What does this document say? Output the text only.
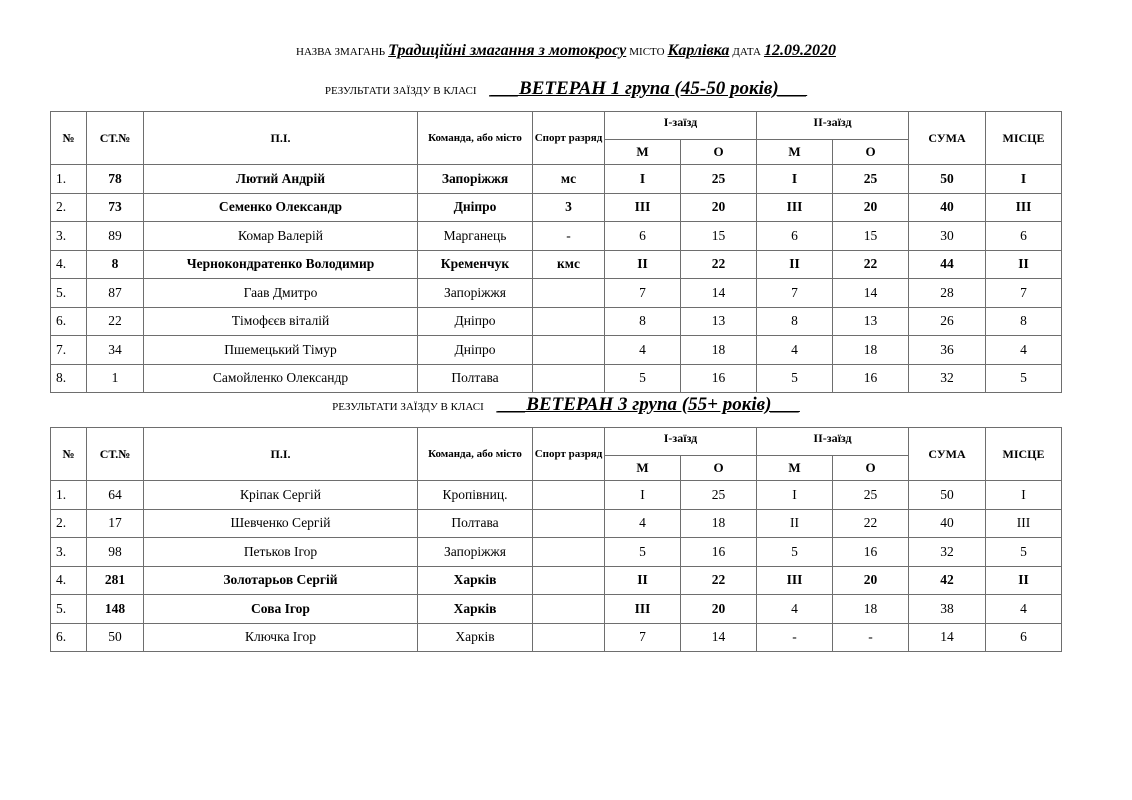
НАЗВА ЗМАГАНЬ Традиційні змагання з мотокросу МІСТО Карлівка ДАТА 12.09.2020
РЕЗУЛЬТАТИ ЗАЇЗДУ В КЛАСІ ___ВЕТЕРАН 1 група (45-50 років)___
№	СТ.№	П.І.	Команда, або місто	Спорт разряд	І-заїзд		ІІ-заїзд		СУМА	МІСЦЕ
					М	О	М	О		
1.	78	Лютий Андрій	Запоріжжя	мс	I	25	I	25	50	I
2.	73	Семенко Олександр	Дніпро	3	III	20	III	20	40	III
3.	89	Комар Валерій	Марганець	-	6	15	6	15	30	6
4.	8	Чернокондратенко Володимир	Кременчук	кмс	II	22	II	22	44	II
5.	87	Гаав Дмитро	Запоріжжя		7	14	7	14	28	7
6.	22	Тімофєєв віталій	Дніпро		8	13	8	13	26	8
7.	34	Пшемецький Тімур	Дніпро		4	18	4	18	36	4
8.	1	Самойленко Олександр	Полтава		5	16	5	16	32	5
РЕЗУЛЬТАТИ ЗАЇЗДУ В КЛАСІ ___ВЕТЕРАН 3 група (55+ років)___
№	СТ.№	П.І.	Команда, або місто	Спорт разряд	І-заїзд		ІІ-заїзд		СУМА	МІСЦЕ
					М	О	М	О		
1.	64	Кріпак Сергій	Кропівниц.		I	25	I	25	50	I
2.	17	Шевченко Сергій	Полтава		4	18	II	22	40	III
3.	98	Петьков Ігор	Запоріжжя		5	16	5	16	32	5
4.	281	Золотарьов Сергій	Харків		II	22	III	20	42	II
5.	148	Сова Ігор	Харків		III	20	4	18	38	4
6.	50	Ключка Ігор	Харків		7	14	-	-	14	6
